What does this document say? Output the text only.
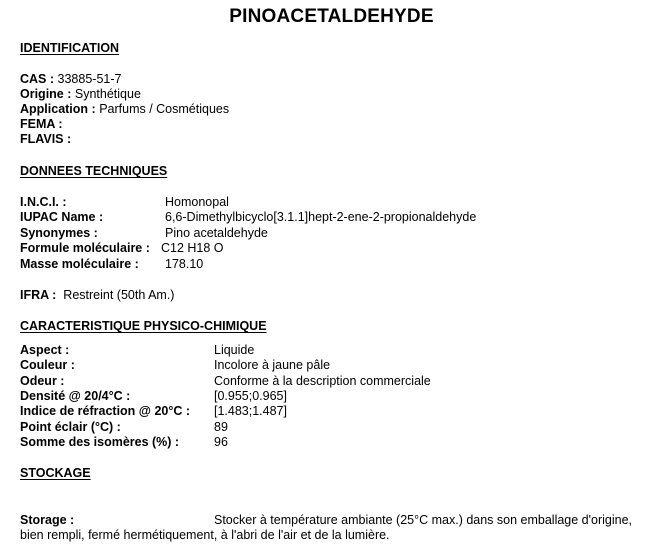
PINOACETALDEHYDE
IDENTIFICATION
CAS : 33885-51-7
Origine : Synthétique
Application : Parfums / Cosmétiques
FEMA :
FLAVIS :
DONNEES TECHNIQUES
I.N.C.I. :	Homonopal
IUPAC Name :	6,6-Dimethylbicyclo[3.1.1]hept-2-ene-2-propionaldehyde
Synonymes :	Pino acetaldehyde
Formule moléculaire : C12 H18 O
Masse moléculaire : 178.10
IFRA : Restreint (50th Am.)
CARACTERISTIQUE PHYSICO-CHIMIQUE
Aspect :	Liquide
Couleur :	Incolore à jaune pâle
Odeur :	Conforme à la description commerciale
Densité @ 20/4°C :	[0.955;0.965]
Indice de réfraction @ 20°C : [1.483;1.487]
Point éclair (°C) :	89
Somme des isomères (%) :	96
STOCKAGE
Storage :	Stocker à température ambiante (25°C max.) dans son emballage d'origine,
bien rempli, fermé hermétiquement, à l'abri de l'air et de la lumière.
